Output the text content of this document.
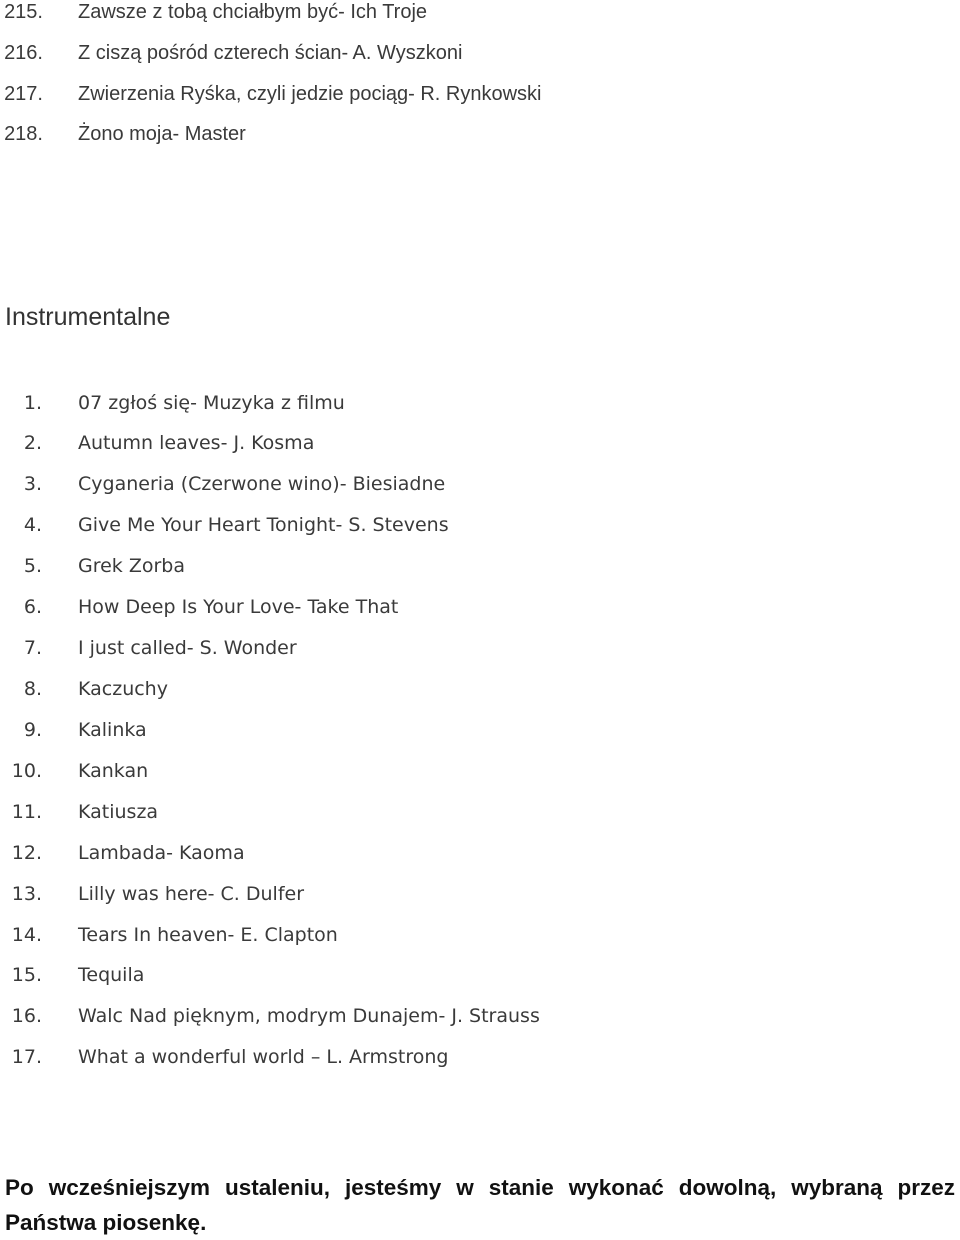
215. Zawsze z tobą chciałbym być- Ich Troje
216. Z ciszą pośród czterech ścian- A. Wyszkoni
217. Zwierzenia Ryśka, czyli jedzie pociąg- R. Rynkowski
218. Żono moja- Master
Instrumentalne
1. 07 zgłoś się- Muzyka z filmu
2. Autumn leaves- J. Kosma
3. Cyganeria (Czerwone wino)- Biesiadne
4. Give Me Your Heart Tonight- S. Stevens
5. Grek Zorba
6. How Deep Is Your Love- Take That
7. I just called- S. Wonder
8. Kaczuchy
9. Kalinka
10. Kankan
11. Katiusza
12. Lambada- Kaoma
13. Lilly was here- C. Dulfer
14. Tears In heaven- E. Clapton
15. Tequila
16. Walc Nad pięknym, modrym Dunajem- J. Strauss
17. What a wonderful world – L. Armstrong
Po wcześniejszym ustaleniu, jesteśmy w stanie wykonać dowolną, wybraną przez Państwa piosenkę.
